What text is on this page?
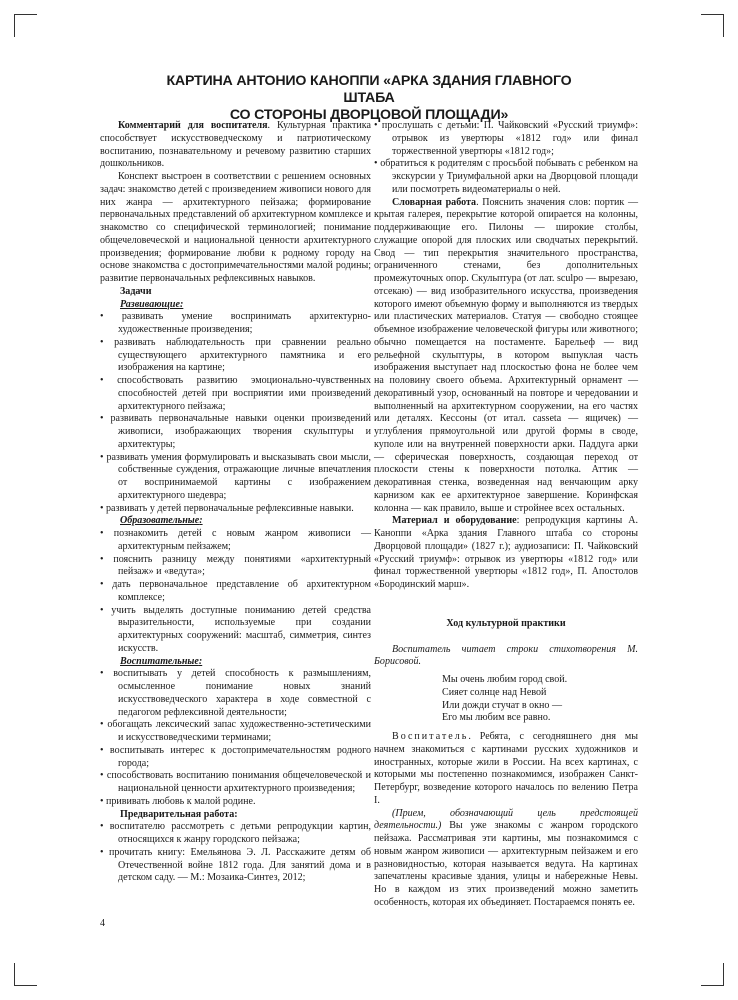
КАРТИНА АНТОНИО КАНОППИ «АРКА ЗДАНИЯ ГЛАВНОГО ШТАБА
СО СТОРОНЫ ДВОРЦОВОЙ ПЛОЩАДИ»

Комментарий для воспитателя. Культурная практика способствует искусствоведческому и патриотическому воспитанию, познавательному и речевому развитию старших дошкольников.

Конспект выстроен в соответствии с решением основных задач: знакомство детей с произведением живописи нового для них жанра — архитектурного пейзажа; формирование первоначальных представлений об архитектурном комплексе и знакомство со специфической терминологией; понимание общечеловеческой и национальной ценности архитектурного произведения; формирование любви к родному городу на основе знакомства с достопримечательностями малой родины; развитие первоначальных рефлексивных навыков.

Задачи

Развивающие:

• развивать умение воспринимать архитектурно-художественные произведения;

• развивать наблюдательность при сравнении реально существующего архитектурного памятника и его изображения на картине;

• способствовать развитию эмоционально-чувственных способностей детей при восприятии ими произведений архитектурного пейзажа;

• развивать первоначальные навыки оценки произведений живописи, изображающих творения скульптуры и архитектуры;

• развивать умения формулировать и высказывать свои мысли, собственные суждения, отражающие личные впечатления от воспринимаемой картины с изображением архитектурного шедевра;

• развивать у детей первоначальные рефлексивные навыки.

Образовательные:

• познакомить детей с новым жанром живописи — архитектурным пейзажем;

• пояснить разницу между понятиями «архитектурный пейзаж» и «ведута»;

• дать первоначальное представление об архитектурном комплексе;

• учить выделять доступные пониманию детей средства выразительности, используемые при создании архитектурных сооружений: масштаб, симметрия, синтез искусств.

Воспитательные:

• воспитывать у детей способность к размышлениям, осмысленное понимание новых знаний искусствоведческого характера в ходе совместной с педагогом рефлексивной деятельности;

• обогащать лексический запас художественно-эстетическими и искусствоведческими терминами;

• воспитывать интерес к достопримечательностям родного города;

• способствовать воспитанию понимания общечеловеческой и национальной ценности архитектурного произведения;

• прививать любовь к малой родине.

Предварительная работа:

• воспитателю рассмотреть с детьми репродукции картин, относящихся к жанру городского пейзажа;

• прочитать книгу: Емельянова Э. Л. Расскажите детям об Отечественной войне 1812 года. Для занятий дома и в детском саду. — М.: Мозаика-Синтез, 2012;

• прослушать с детьми: П. Чайковский «Русский триумф»: отрывок из увертюры «1812 год» или финал торжественной увертюры «1812 год»;

• обратиться к родителям с просьбой побывать с ребенком на экскурсии у Триумфальной арки на Дворцовой площади или посмотреть видеоматериалы о ней.

Словарная работа. Пояснить значения слов: портик — крытая галерея, перекрытие которой опирается на колонны, поддерживающие его. Пилоны — широкие столбы, служащие опорой для плоских или сводчатых перекрытий. Свод — тип перекрытия значительного пространства, ограниченного стенами, без дополнительных промежуточных опор. Скульптура (от лат. sculpo — вырезаю, отсекаю) — вид изобразительного искусства, произведения которого имеют объемную форму и выполняются из твердых или пластических материалов. Статуя — свободно стоящее объемное изображение человеческой фигуры или животного; обычно помещается на постаменте. Барельеф — вид рельефной скульптуры, в котором выпуклая часть изображения выступает над плоскостью фона не более чем на половину своего объема. Архитектурный орнамент — декоративный узор, основанный на повторе и чередовании и выполненный на архитектурном сооружении, на его частях или деталях. Кессоны (от итал. casseta — ящичек) — углубления прямоугольной или другой формы в своде, куполе или на внутренней поверхности арки. Паддуга арки — сферическая поверхность, создающая переход от плоскости стены к поверхности потолка. Аттик — декоративная стенка, возведенная над венчающим арку карнизом как ее архитектурное завершение. Коринфская колонна — как правило, выше и стройнее всех остальных.

Материал и оборудование: репродукция картины А. Каноппи «Арка здания Главного штаба со стороны Дворцовой площади» (1827 г.); аудиозаписи: П. Чайковский «Русский триумф»: отрывок из увертюры «1812 год» или финал торжественной увертюры «1812 год», П. Апостолов «Бородинский марш».

Ход культурной практики

Воспитатель читает строки стихотворения М. Борисовой.

Мы очень любим город свой.
Сияет солнце над Невой
Или дожди стучат в окно —
Его мы любим все равно.

Воспитатель. Ребята, с сегодняшнего дня мы начнем знакомиться с картинами русских художников и иностранных, которые жили в России. На всех картинах, с которыми мы постепенно познакомимся, изображен Санкт-Петербург, возведение которого началось по велению Петра I.

(Прием, обозначающий цель предстоящей деятельности.) Вы уже знакомы с жанром городского пейзажа. Рассматривая эти картины, мы познакомимся с новым жанром живописи — архитектурным пейзажем и его разновидностью, которая называется ведута. На картинах запечатлены красивые здания, улицы и набережные Невы. Но в каждом из этих произведений можно заметить особенность, которая их объединяет. Постараемся понять ее.

4
